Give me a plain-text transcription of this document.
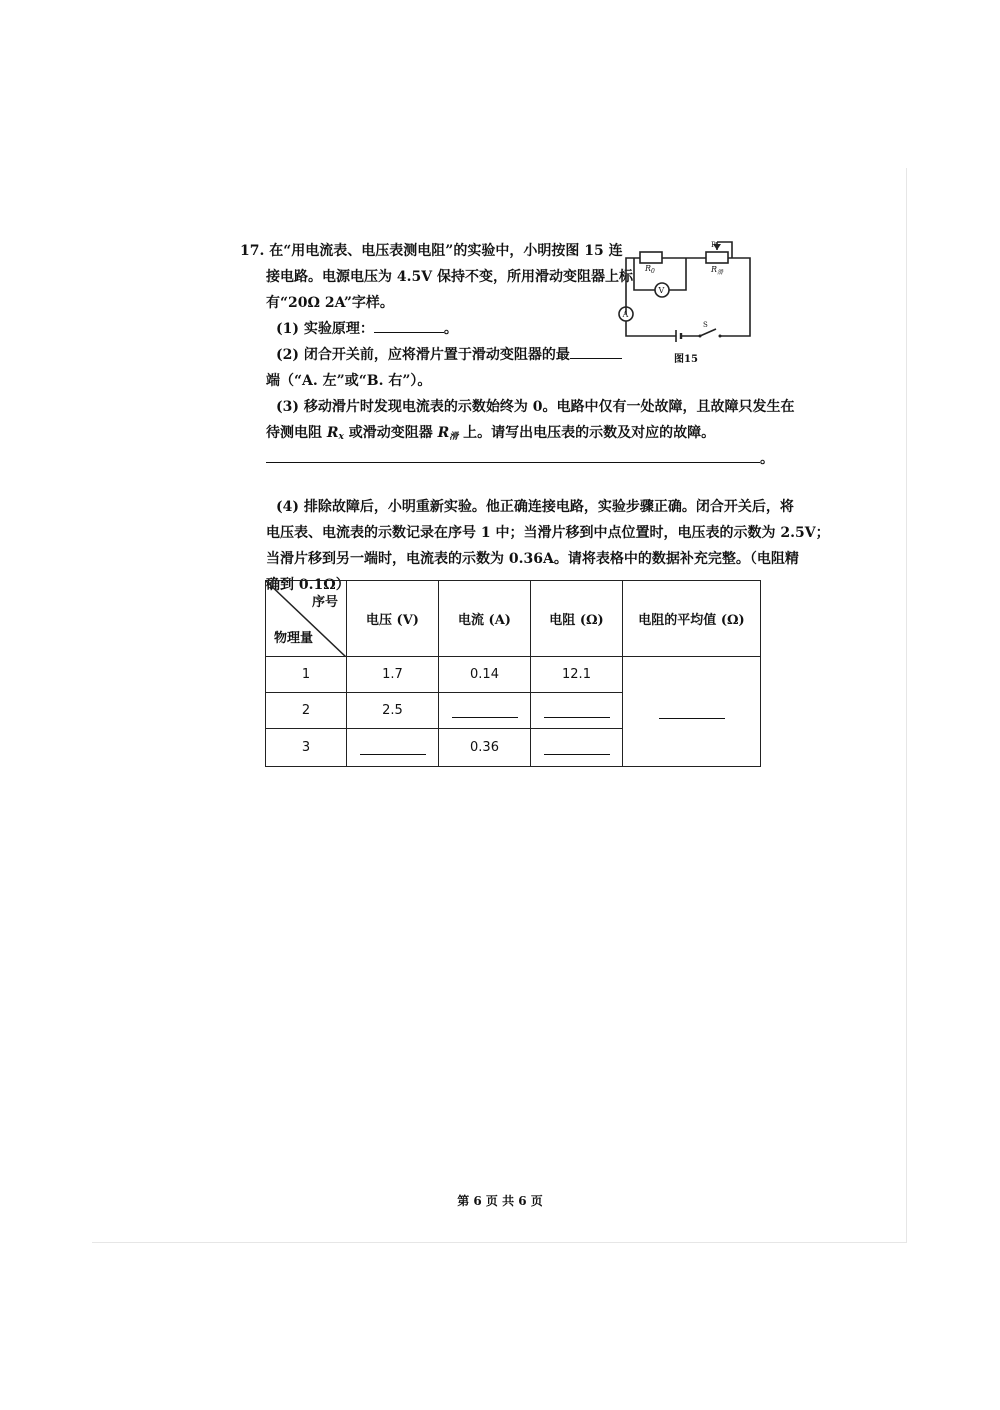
17. 在“用电流表、电压表测电阻”的实验中，小明按图 15 连
接电路。电源电压为 4.5V 保持不变，所用滑动变阻器上标
有“20Ω 2A”字样。
(1) 实验原理：	。
(2) 闭合开关前，应将滑片置于滑动变阻器的最
端（“A. 左”或“B. 右”）。
(3) 移动滑片时发现电流表的示数始终为 0。电路中仅有一处故障，且故障只发生在
待测电阻 $R_x$ 或滑动变阻器 $R_滑$ 上。请写出电压表的示数及对应的故障。
。
(4) 排除故障后，小明重新实验。他正确连接电路，实验步骤正确。闭合开关后，将
电压表、电流表的示数记录在序号 1 中；当滑片移到中点位置时，电压表的示数为 2.5V；
当滑片移到另一端时，电流表的示数为 0.36A。请将表格中的数据补充完整。（电阻精
确到 0.1Ω）
$R_0$	$R_滑$
P
S
V
A
图15
序号
物理量	电压 (V)	电流 (A)	电阻 (Ω)	电阻的平均值 (Ω)
1	1.7	0.14	12.1	
2	2.5			
3		0.36		
第 6 页 共 6 页
